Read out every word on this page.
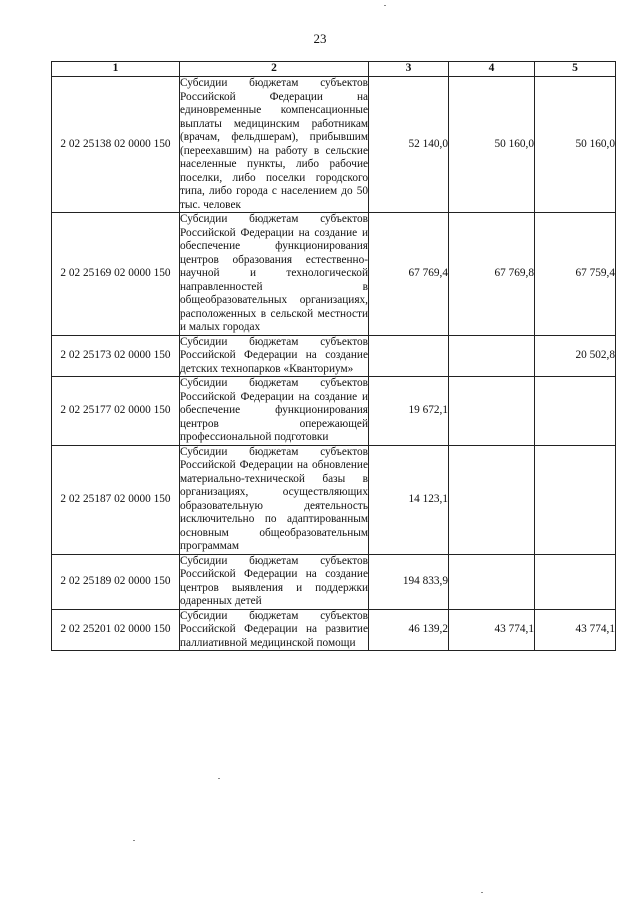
23
1	2	3	4	5
2 02 25138 02 0000 150	Субсидии бюджетам субъектов Российской Федерации на единовременные компенсационные выплаты медицинским работникам (врачам, фельдшерам), прибывшим (переехавшим) на работу в сельские населенные пункты, либо рабочие поселки, либо поселки городского типа, либо города с населением до 50 тыс. человек	52 140,0	50 160,0	50 160,0
2 02 25169 02 0000 150	Субсидии бюджетам субъектов Российской Федерации на создание и обеспечение функционирования центров образования естественно-научной и технологической направленностей в общеобразовательных организациях, расположенных в сельской местности и малых городах	67 769,4	67 769,8	67 759,4
2 02 25173 02 0000 150	Субсидии бюджетам субъектов Российской Федерации на создание детских технопарков «Кванториум»			20 502,8
2 02 25177 02 0000 150	Субсидии бюджетам субъектов Российской Федерации на создание и обеспечение функционирования центров опережающей профессиональной подготовки	19 672,1		
2 02 25187 02 0000 150	Субсидии бюджетам субъектов Российской Федерации на обновление материально-технической базы в организациях, осуществляющих образовательную деятельность исключительно по адаптированным основным общеобразовательным программам	14 123,1		
2 02 25189 02 0000 150	Субсидии бюджетам субъектов Российской Федерации на создание центров выявления и поддержки одаренных детей	194 833,9		
2 02 25201 02 0000 150	Субсидии бюджетам субъектов Российской Федерации на развитие паллиативной медицинской помощи	46 139,2	43 774,1	43 774,1
